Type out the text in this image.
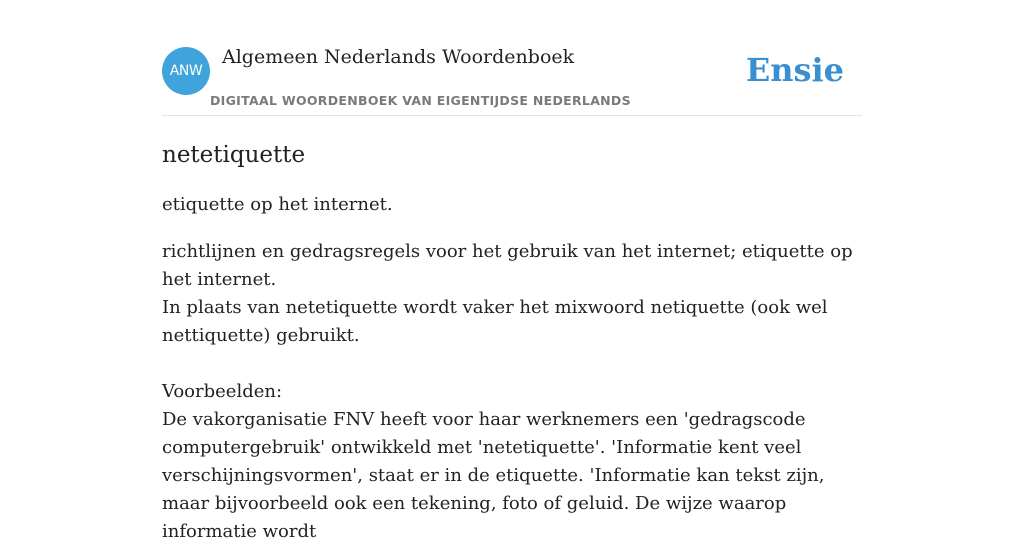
ANW
Algemeen Nederlands Woordenboek
DIGITAAL WOORDENBOEK VAN EIGENTIJDSE NEDERLANDS
Ensie
netetiquette

etiquette op het internet.

richtlijnen en gedragsregels voor het gebruik van het internet; etiquette op het internet.
In plaats van netetiquette wordt vaker het mixwoord netiquette (ook wel nettiquette) gebruikt.

Voorbeelden:
De vakorganisatie FNV heeft voor haar werknemers een 'gedragscode computergebruik' ontwikkeld met 'netetiquette'. 'Informatie kent veel verschijningsvormen', staat er in de etiquette. 'Informatie kan tekst zijn, maar bijvoorbeeld ook een tekening, foto of geluid. De wijze waarop informatie wordt
